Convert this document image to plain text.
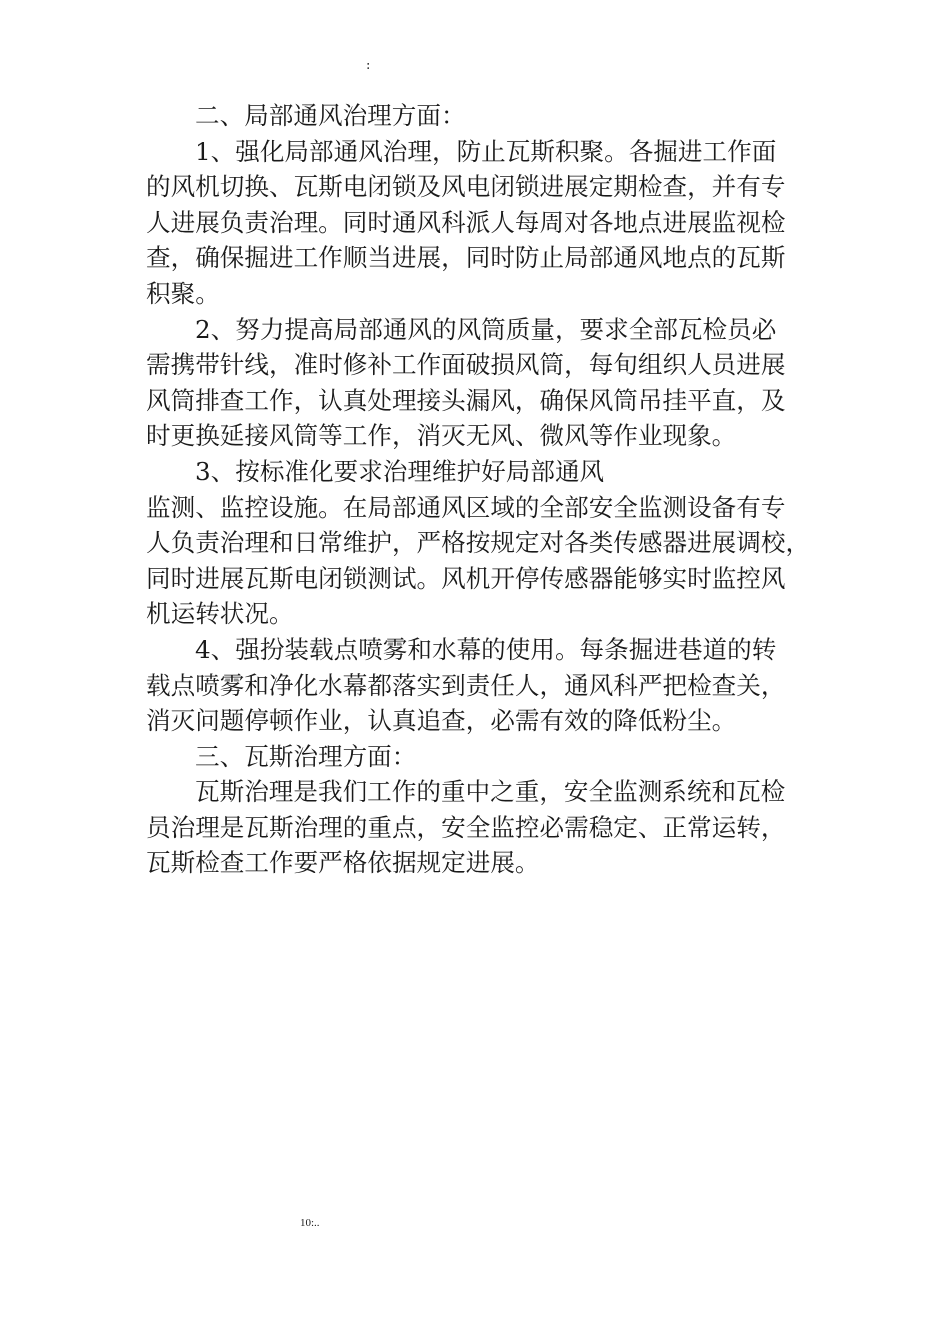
:
二、局部通风治理方面：
1、强化局部通风治理，防止瓦斯积聚。各掘进工作面
的风机切换、瓦斯电闭锁及风电闭锁进展定期检查，并有专
人进展负责治理。同时通风科派人每周对各地点进展监视检
查，确保掘进工作顺当进展，同时防止局部通风地点的瓦斯
积聚。
2、努力提高局部通风的风筒质量，要求全部瓦检员必
需携带针线，准时修补工作面破损风筒，每旬组织人员进展
风筒排查工作，认真处理接头漏风，确保风筒吊挂平直，及
时更换延接风筒等工作，消灭无风、微风等作业现象。
3、按标准化要求治理维护好局部通风
监测、监控设施。在局部通风区域的全部安全监测设备有专
人负责治理和日常维护，严格按规定对各类传感器进展调校，
同时进展瓦斯电闭锁测试。风机开停传感器能够实时监控风
机运转状况。
4、强扮装载点喷雾和水幕的使用。每条掘进巷道的转
载点喷雾和净化水幕都落实到责任人，通风科严把检查关，
消灭问题停顿作业，认真追查，必需有效的降低粉尘。
三、瓦斯治理方面：
瓦斯治理是我们工作的重中之重，安全监测系统和瓦检
员治理是瓦斯治理的重点，安全监控必需稳定、正常运转，
瓦斯检查工作要严格依据规定进展。
10:..
